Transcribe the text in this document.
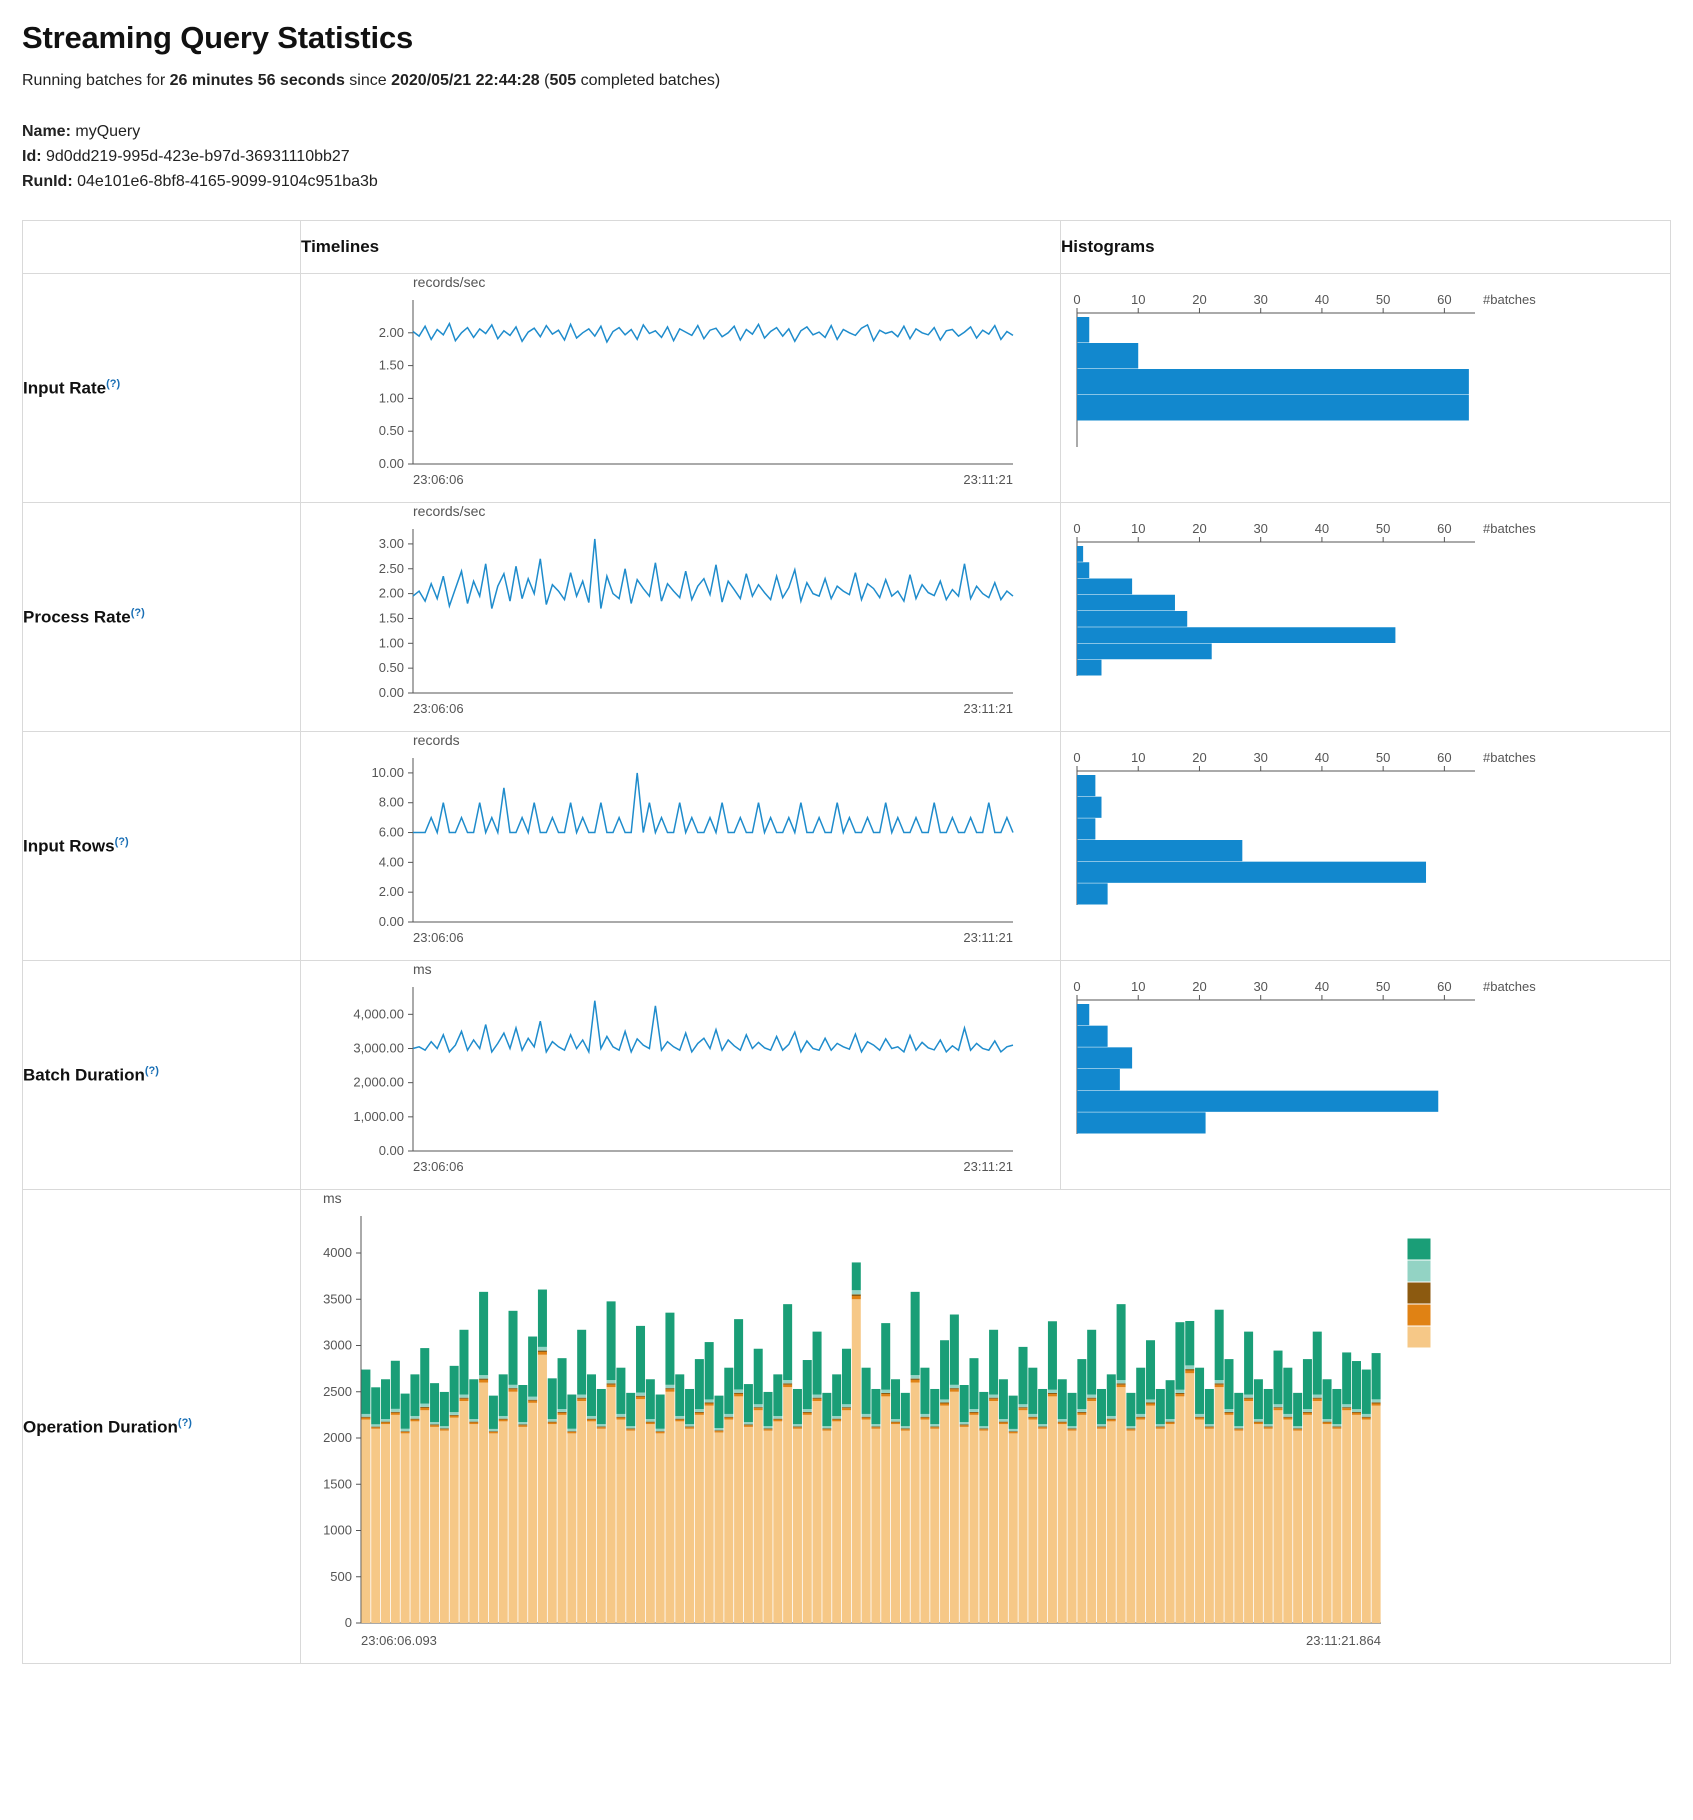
Streaming Query Statistics
Running batches for 26 minutes 56 seconds since 2020/05/21 22:44:28 (505 completed batches)
Name: myQuery
Id: 9d0dd219-995d-423e-b97d-36931110bb27
RunId: 04e101e6-8bf8-4165-9099-9104c951ba3b
	Timelines	Histograms
Input Rate(?)	
records/sec
0.00
0.50
1.00
1.50
2.00
23:06:06	23:11:21

0	10	20	30	40	50	60 #batches

Process Rate(?)	
records/sec
0.00
0.50
1.00
1.50
2.00
2.50
3.00
23:06:06	23:11:21

0	10	20	30	40	50	60 #batches

Input Rows(?)	
records
0.00
2.00
4.00
6.00
8.00
10.00
23:06:06	23:11:21

0	10	20	30	40	50	60 #batches

Batch Duration(?)	
ms
0.00
1,000.00
2,000.00
3,000.00
4,000.00
23:06:06	23:11:21

0	10	20	30	40	50	60 #batches

Operation Duration(?)	
ms
0
500
1000
1500
2000
2500
3000
3500
4000
23:06:06.093	23:11:21.864
